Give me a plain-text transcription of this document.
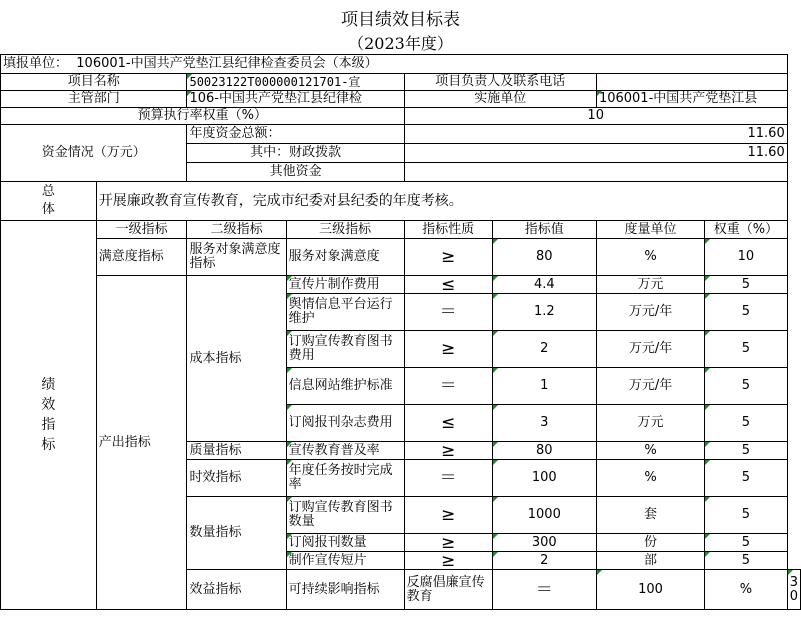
项目绩效目标表
（2023年度）
填报单位： 106001-中国共产党垫江县纪律检查委员会（本级）								
项目名称		50023122T000000121701-宣		项目负责人及联系电话				
主管部门		106-中国共产党垫江县纪律检		实施单位		106001-中国共产党垫江县		
预算执行率权重（%）				10				
资金情况（万元）		年度资金总额：		11.60				
		其中：财政拨款		11.60				
		其他资金						
总体	开展廉政教育宣传教育，完成市纪委对县纪委的年度考核。							
绩效指标	一级指标	二级指标	三级指标	指标性质	指标值	度量单位	权重（%）	
	满意度指标	服务对象满意度指标	服务对象满意度	≥	80	%	10	
	产出指标	成本指标	宣传片制作费用	≤	4.4	万元	5	
			舆情信息平台运行维护	＝	1.2	万元/年	5	
			订购宣传教育图书费用	≥	2	万元/年	5	
			信息网站维护标准	＝	1	万元/年	5	
			订阅报刊杂志费用	≤	3	万元	5	
		质量指标	宣传教育普及率	≥	80	%	5	
		时效指标	年度任务按时完成率	＝	100	%	5	
		数量指标	订购宣传教育图书数量	≥	1000	套	5	
			订阅报刊数量	≥	300	份	5	
			制作宣传短片	≥	2	部	5	
		效益指标	可持续影响指标	反腐倡廉宣传教育	＝	100	%	30
